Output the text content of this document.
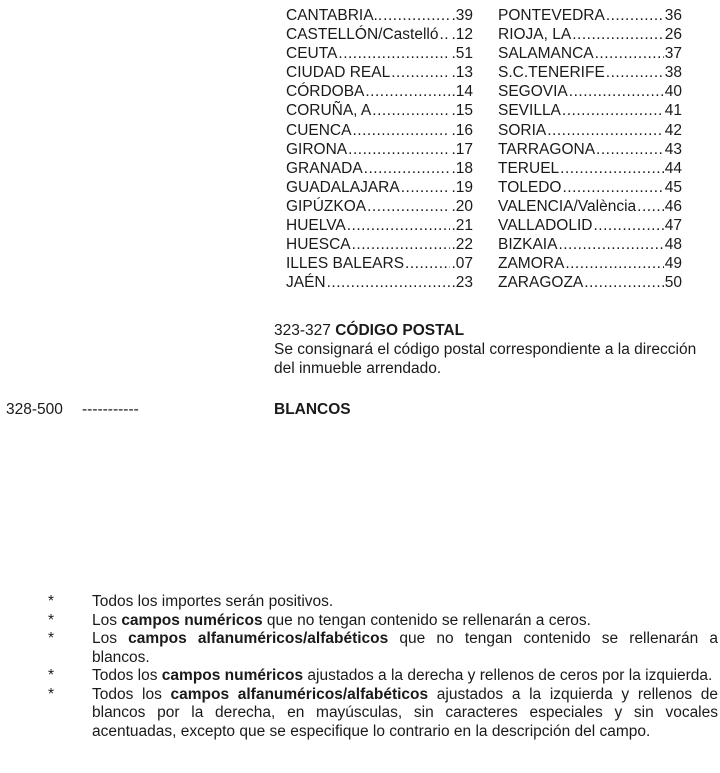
CANTABRIA.. .....	.39 PONTEVEDRA .....	36
CASTELLÓN/Castelló ..... .12 RIOJA, LA .....	26
CEUTA .....	.51 SALAMANCA .....	37
CIUDAD REAL .....	.13 S.C.TENERIFE .....	38
CÓRDOBA .....	.14 SEGOVIA .....	40
CORUÑA, A .....	.15 SEVILLA .....	41
CUENCA .....	.16 SORIA .....	42
GIRONA .....	.17 TARRAGONA .....	43
GRANADA .....	.18 TERUEL .....	44
GUADALAJARA .....	.19 TOLEDO .....	45
GIPÚZKOA .....	.20 VALENCIA/València ..... 46
HUELVA .....	.21 VALLADOLID .....	47
HUESCA .....	.22 BIZKAIA .....	48
ILLES BALEARS .....	.07 ZAMORA .....	49
JAÉN .....	.23 ZARAGOZA .....	50
323-327 CÓDIGO POSTAL
Se consignará el código postal correspondiente a la dirección del inmueble arrendado.
328-500 -----------	BLANCOS
* Todos los importes serán positivos.
* Los campos numéricos que no tengan contenido se rellenarán a ceros.
* Los campos alfanuméricos/alfabéticos que no tengan contenido se rellenarán a blancos.
* Todos los campos numéricos ajustados a la derecha y rellenos de ceros por la izquierda.
* Todos los campos alfanuméricos/alfabéticos ajustados a la izquierda y rellenos de blancos por la derecha, en mayúsculas, sin caracteres especiales y sin vocales acentuadas, excepto que se especifique lo contrario en la descripción del campo.
